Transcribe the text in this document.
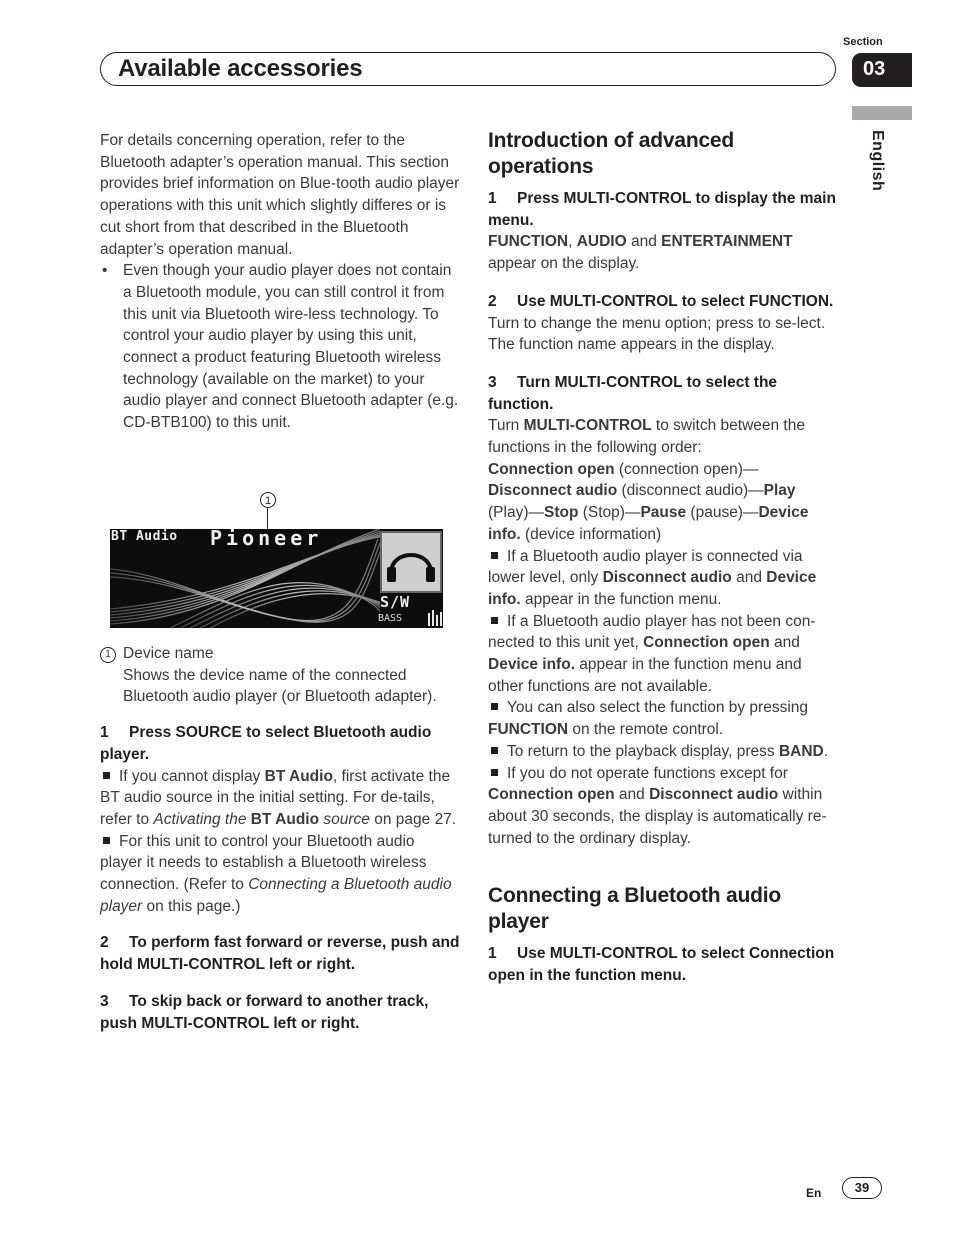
Section
Available accessories	03
English

For details concerning operation, refer to the Bluetooth adapter’s operation manual. This section provides brief information on Blue-tooth audio player operations with this unit which slightly differes or is cut short from that described in the Bluetooth adapter’s operation manual.

• Even though your audio player does not contain a Bluetooth module, you can still control it from this unit via Bluetooth wire-less technology. To control your audio player by using this unit, connect a product featuring Bluetooth wireless technology (available on the market) to your audio player and connect Bluetooth adapter (e.g. CD-BTB100) to this unit.

1
BT Audio Pioneer
S/W
BASS

1 Device name

Shows the device name of the connected Bluetooth audio player (or Bluetooth adapter).

1 Press SOURCE to select Bluetooth audio player.

If you cannot display BT Audio, first activate the BT audio source in the initial setting. For de-tails, refer to Activating the BT Audio source on page 27.

For this unit to control your Bluetooth audio player it needs to establish a Bluetooth wireless connection. (Refer to Connecting a Bluetooth audio player on this page.)

2 To perform fast forward or reverse, push and hold MULTI-CONTROL left or right.

3 To skip back or forward to another track, push MULTI-CONTROL left or right.

Introduction of advanced operations

1 Press MULTI-CONTROL to display the main menu.

FUNCTION, AUDIO and ENTERTAINMENT

appear on the display.

2 Use MULTI-CONTROL to select FUNCTION.

Turn to change the menu option; press to se-lect.

The function name appears in the display.

3 Turn MULTI-CONTROL to select the function.

Turn MULTI-CONTROL to switch between the functions in the following order:

Connection open (connection open)—Disconnect audio (disconnect audio)—Play (Play)—Stop (Stop)—Pause (pause)—Device info. (device information)

If a Bluetooth audio player is connected via lower level, only Disconnect audio and Device info. appear in the function menu.

If a Bluetooth audio player has not been con-nected to this unit yet, Connection open and Device info. appear in the function menu and other functions are not available.

You can also select the function by pressing FUNCTION on the remote control.

To return to the playback display, press BAND.

If you do not operate functions except for Connection open and Disconnect audio within about 30 seconds, the display is automatically re-turned to the ordinary display.

Connecting a Bluetooth audio player

1 Use MULTI-CONTROL to select Connection open in the function menu.

En	39
